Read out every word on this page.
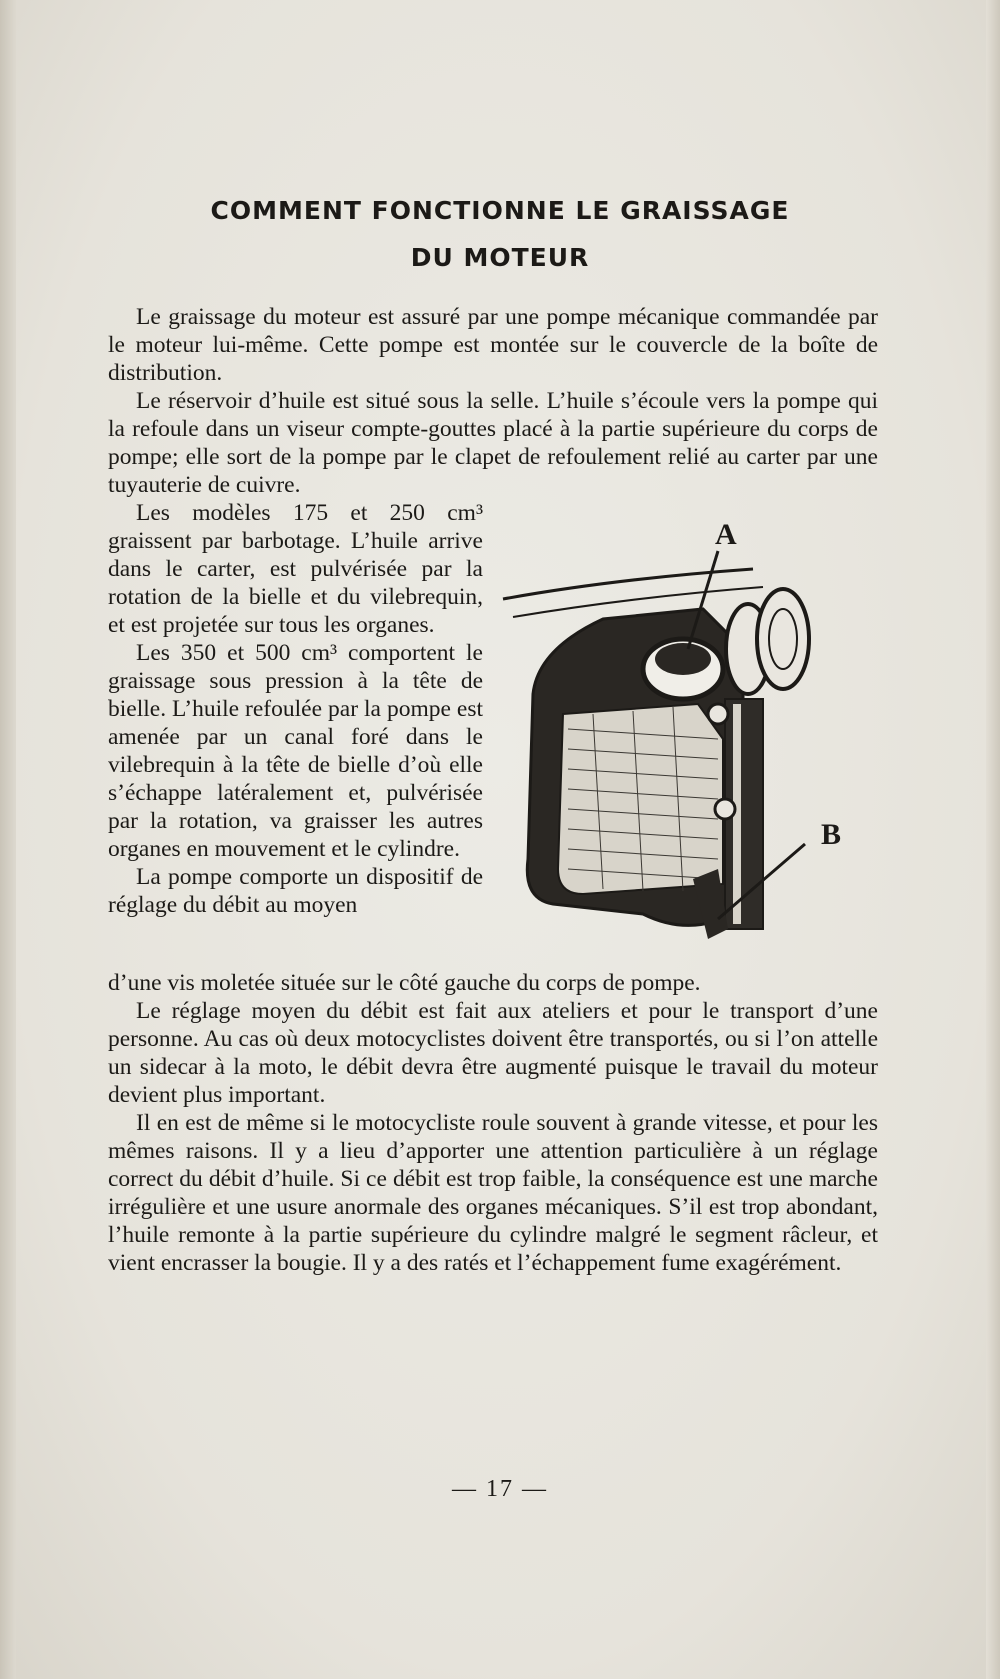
COMMENT FONCTIONNE LE GRAISSAGE
DU MOTEUR

Le graissage du moteur est assuré par une pompe mécanique commandée par le moteur lui-même. Cette pompe est montée sur le couvercle de la boîte de distribution.

Le réservoir d’huile est situé sous la selle. L’huile s’écoule vers la pompe qui la refoule dans un viseur compte-gouttes placé à la partie supérieure du corps de pompe; elle sort de la pompe par le clapet de refoulement relié au carter par une tuyauterie de cuivre.

A
B

Les modèles 175 et 250 cm³ graissent par barbotage. L’huile arrive dans le carter, est pulvérisée par la rotation de la bielle et du vilebrequin, et est projetée sur tous les organes.

Les 350 et 500 cm³ comportent le graissage sous pression à la tête de bielle. L’huile refoulée par la pompe est amenée par un canal foré dans le vilebrequin à la tête de bielle d’où elle s’échappe latéralement et, pulvérisée par la rotation, va graisser les autres organes en mouvement et le cylindre.

La pompe comporte un dispositif de réglage du débit au moyen

d’une vis moletée située sur le côté gauche du corps de pompe.

Le réglage moyen du débit est fait aux ateliers et pour le transport d’une personne. Au cas où deux motocyclistes doivent être transportés, ou si l’on attelle un sidecar à la moto, le débit devra être augmenté puisque le travail du moteur devient plus important.

Il en est de même si le motocycliste roule souvent à grande vitesse, et pour les mêmes raisons. Il y a lieu d’apporter une attention particulière à un réglage correct du débit d’huile. Si ce débit est trop faible, la conséquence est une marche irrégulière et une usure anormale des organes mécaniques. S’il est trop abondant, l’huile remonte à la partie supérieure du cylindre malgré le segment râcleur, et vient encrasser la bougie. Il y a des ratés et l’échappement fume exagérément.

— 17 —
